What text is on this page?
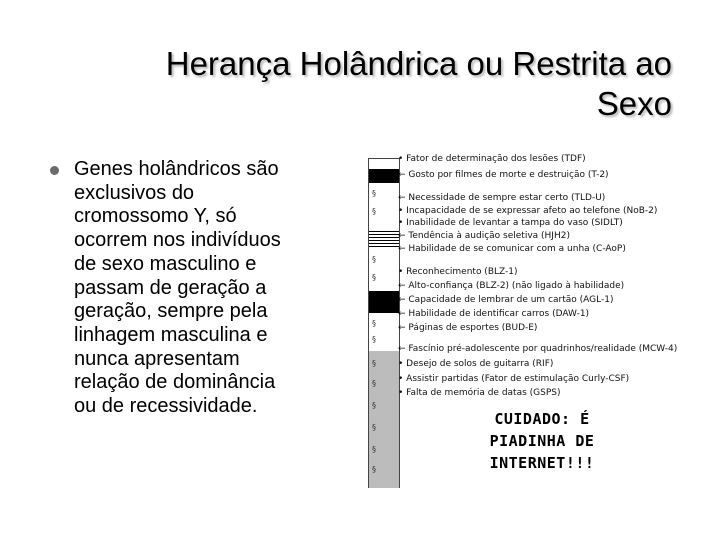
Herança Holândrica ou Restrita ao
Sexo
Genes holândricos são
exclusivos do
cromossomo Y, só
ocorrem nos indivíduos
de sexo masculino e
passam de geração a
geração, sempre pela
linhagem masculina e
nunca apresentam
relação de dominância
ou de recessividade.
§
§
§
§
§
§
§
§
§
§
§
§
• Fator de determinação dos lesões (TDF)
← Gosto por filmes de morte e destruição (T-2)
← Necessidade de sempre estar certo (TLD-U)
• Incapacidade de se expressar afeto ao telefone (NoB-2)
• Inabilidade de levantar a tampa do vaso (SIDLT)
← Tendência à audição seletiva (HJH2)
← Habilidade de se comunicar com a unha (C-AoP)
• Reconhecimento (BLZ-1)
← Alto-confiança (BLZ-2) (não ligado à habilidade)
← Capacidade de lembrar de um cartão (AGL-1)
← Habilidade de identificar carros (DAW-1)
← Páginas de esportes (BUD-E)
← Fascínio pré-adolescente por quadrinhos/realidade (MCW-4)
• Desejo de solos de guitarra (RIF)
• Assistir partidas (Fator de estimulação Curly-CSF)
• Falta de memória de datas (GSPS)
CUIDADO: É
PIADINHA DE
INTERNET!!!
